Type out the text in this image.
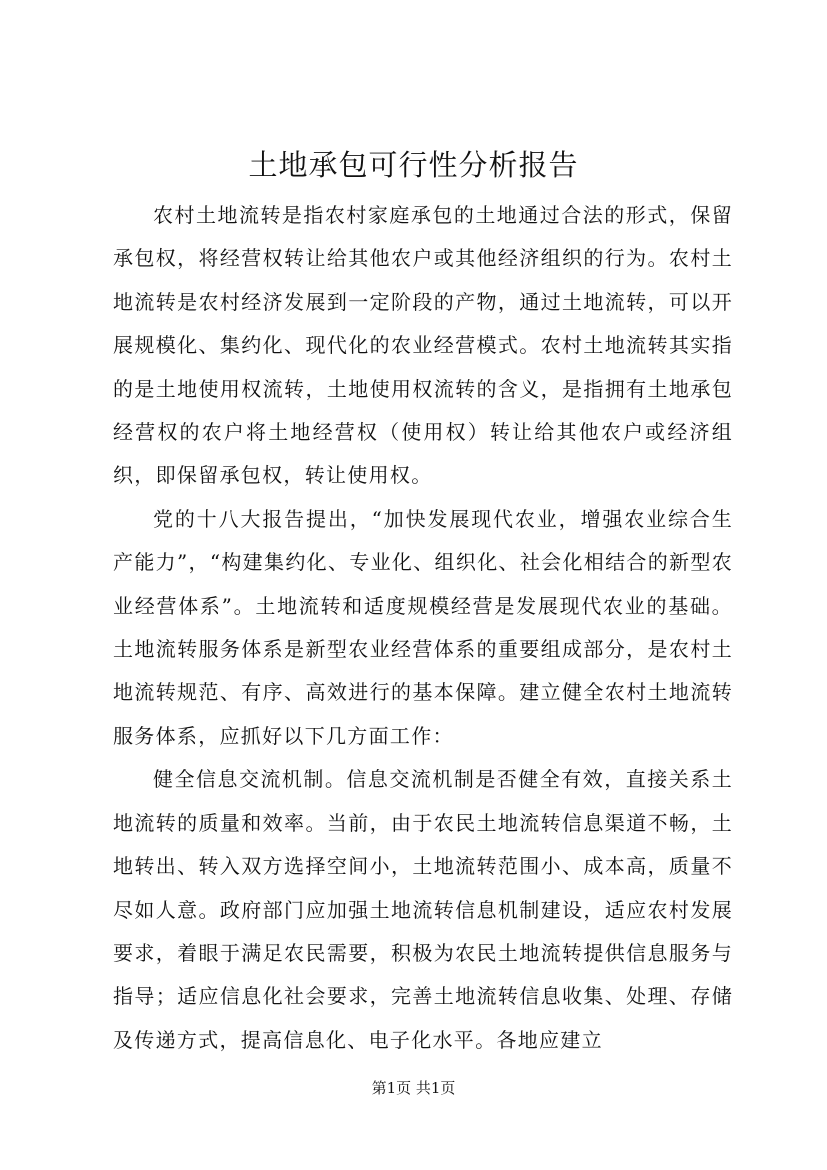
土地承包可行性分析报告

农村土地流转是指农村家庭承包的土地通过合法的形式，保留承包权，将经营权转让给其他农户或其他经济组织的行为。农村土地流转是农村经济发展到一定阶段的产物，通过土地流转，可以开展规模化、集约化、现代化的农业经营模式。农村土地流转其实指的是土地使用权流转，土地使用权流转的含义，是指拥有土地承包经营权的农户将土地经营权（使用权）转让给其他农户或经济组织，即保留承包权，转让使用权。

党的十八大报告提出，“加快发展现代农业，增强农业综合生产能力”，“构建集约化、专业化、组织化、社会化相结合的新型农业经营体系”。土地流转和适度规模经营是发展现代农业的基础。土地流转服务体系是新型农业经营体系的重要组成部分，是农村土地流转规范、有序、高效进行的基本保障。建立健全农村土地流转服务体系，应抓好以下几方面工作：

健全信息交流机制。信息交流机制是否健全有效，直接关系土地流转的质量和效率。当前，由于农民土地流转信息渠道不畅，土地转出、转入双方选择空间小，土地流转范围小、成本高，质量不尽如人意。政府部门应加强土地流转信息机制建设，适应农村发展要求，着眼于满足农民需要，积极为农民土地流转提供信息服务与指导；适应信息化社会要求，完善土地流转信息收集、处理、存储及传递方式，提高信息化、电子化水平。各地应建立

第1页 共1页
